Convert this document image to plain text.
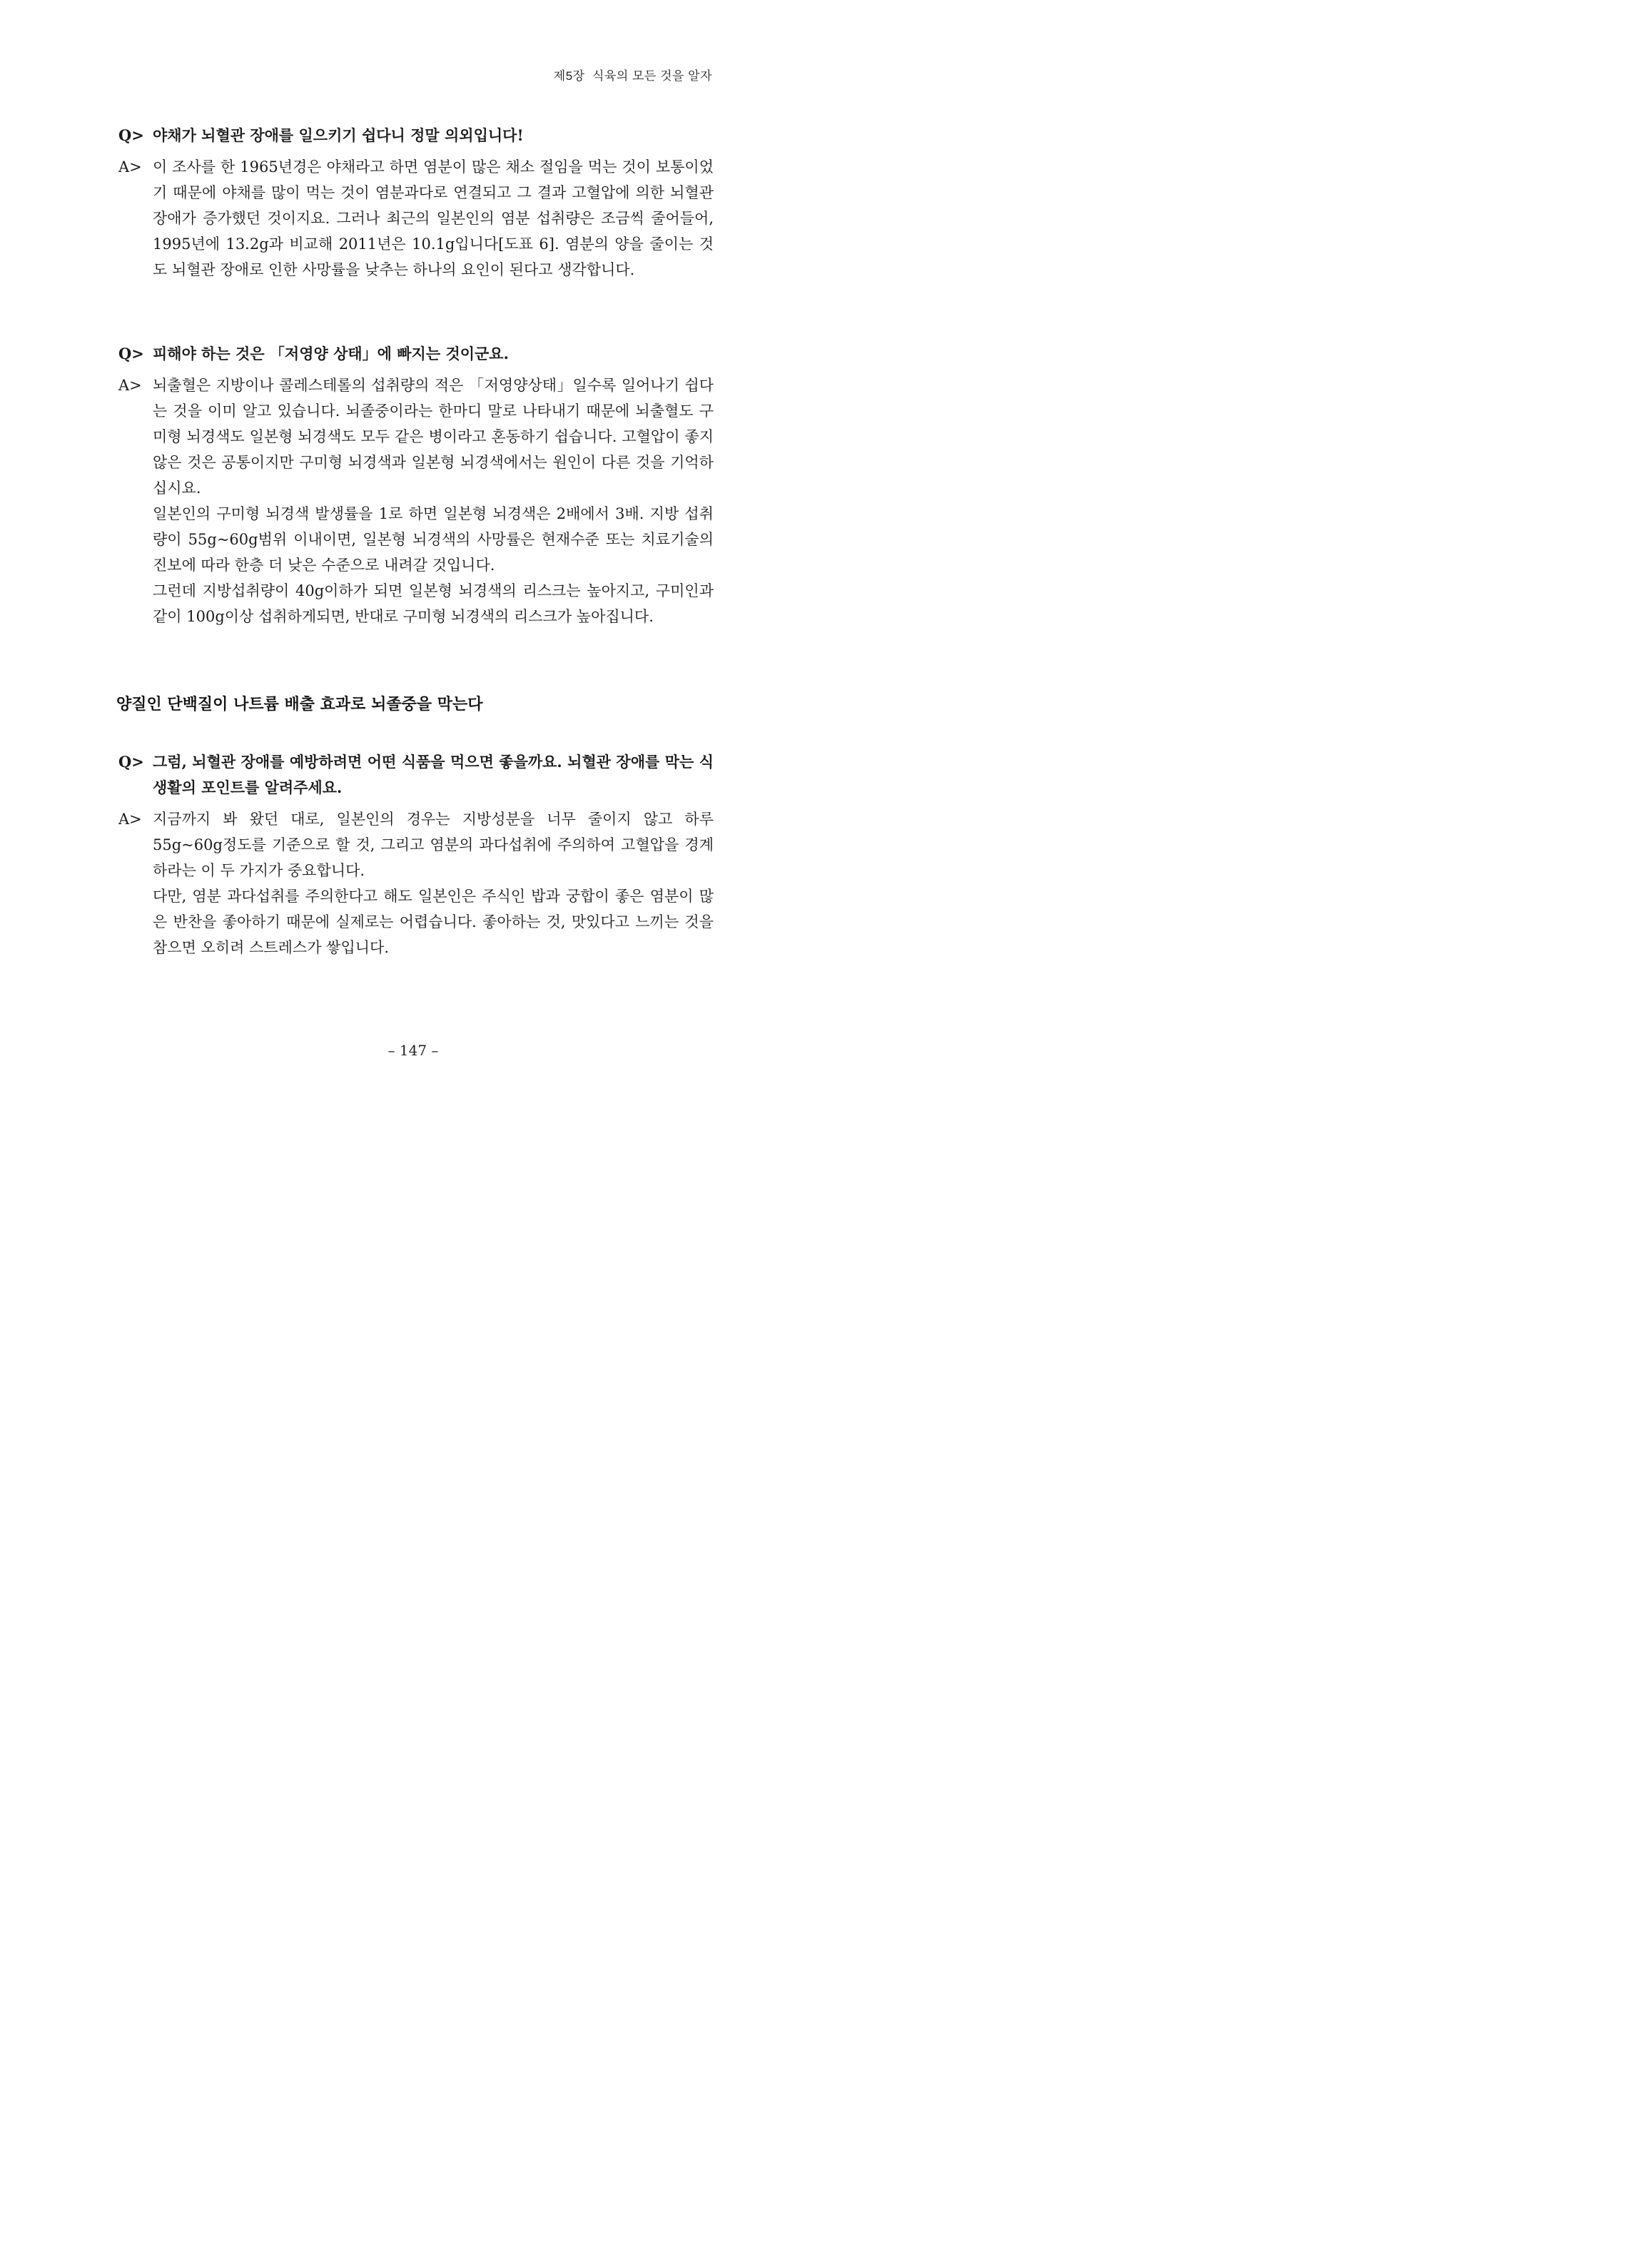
제5장  식육의 모든 것을 알자
Q> 야채가 뇌혈관 장애를 일으키기 쉽다니 정말 의외입니다!

A> 이 조사를 한 1965년경은 야채라고 하면 염분이 많은 채소 절임을 먹는 것이 보통이었기 때문에 야채를 많이 먹는 것이 염분과다로 연결되고 그 결과 고혈압에 의한 뇌혈관 장애가 증가했던 것이지요. 그러나 최근의 일본인의 염분 섭취량은 조금씩 줄어들어, 1995년에 13.2g과 비교해 2011년은 10.1g입니다[도표 6]. 염분의 양을 줄이는 것도 뇌혈관 장애로 인한 사망률을 낮추는 하나의 요인이 된다고 생각합니다.

Q> 피해야 하는 것은 「저영양 상태」에 빠지는 것이군요.

A> 뇌출혈은 지방이나 콜레스테롤의 섭취량의 적은 「저영양상태」일수록 일어나기 쉽다는 것을 이미 알고 있습니다. 뇌졸중이라는 한마디 말로 나타내기 때문에 뇌출혈도 구미형 뇌경색도 일본형 뇌경색도 모두 같은 병이라고 혼동하기 쉽습니다. 고혈압이 좋지 않은 것은 공통이지만 구미형 뇌경색과 일본형 뇌경색에서는 원인이 다른 것을 기억하십시요.

일본인의 구미형 뇌경색 발생률을 1로 하면 일본형 뇌경색은 2배에서 3배. 지방 섭취량이 55g~60g범위 이내이면, 일본형 뇌경색의 사망률은 현재수준 또는 치료기술의 진보에 따라 한층 더 낮은 수준으로 내려갈 것입니다.

그런데 지방섭취량이 40g이하가 되면 일본형 뇌경색의 리스크는 높아지고, 구미인과 같이 100g이상 섭취하게되면, 반대로 구미형 뇌경색의 리스크가 높아집니다.

양질인 단백질이 나트륨 배출 효과로 뇌졸중을 막는다
Q> 그럼, 뇌혈관 장애를 예방하려면 어떤 식품을 먹으면 좋을까요. 뇌혈관 장애를 막는 식생활의 포인트를 알려주세요.

A> 지금까지 봐 왔던 대로, 일본인의 경우는 지방성분을 너무 줄이지 않고 하루 55g~60g정도를 기준으로 할 것, 그리고 염분의 과다섭취에 주의하여 고혈압을 경계하라는 이 두 가지가 중요합니다.

다만, 염분 과다섭취를 주의한다고 해도 일본인은 주식인 밥과 궁합이 좋은 염분이 많은 반찬을 좋아하기 때문에 실제로는 어렵습니다. 좋아하는 것, 맛있다고 느끼는 것을 참으면 오히려 스트레스가 쌓입니다.

– 147 –
